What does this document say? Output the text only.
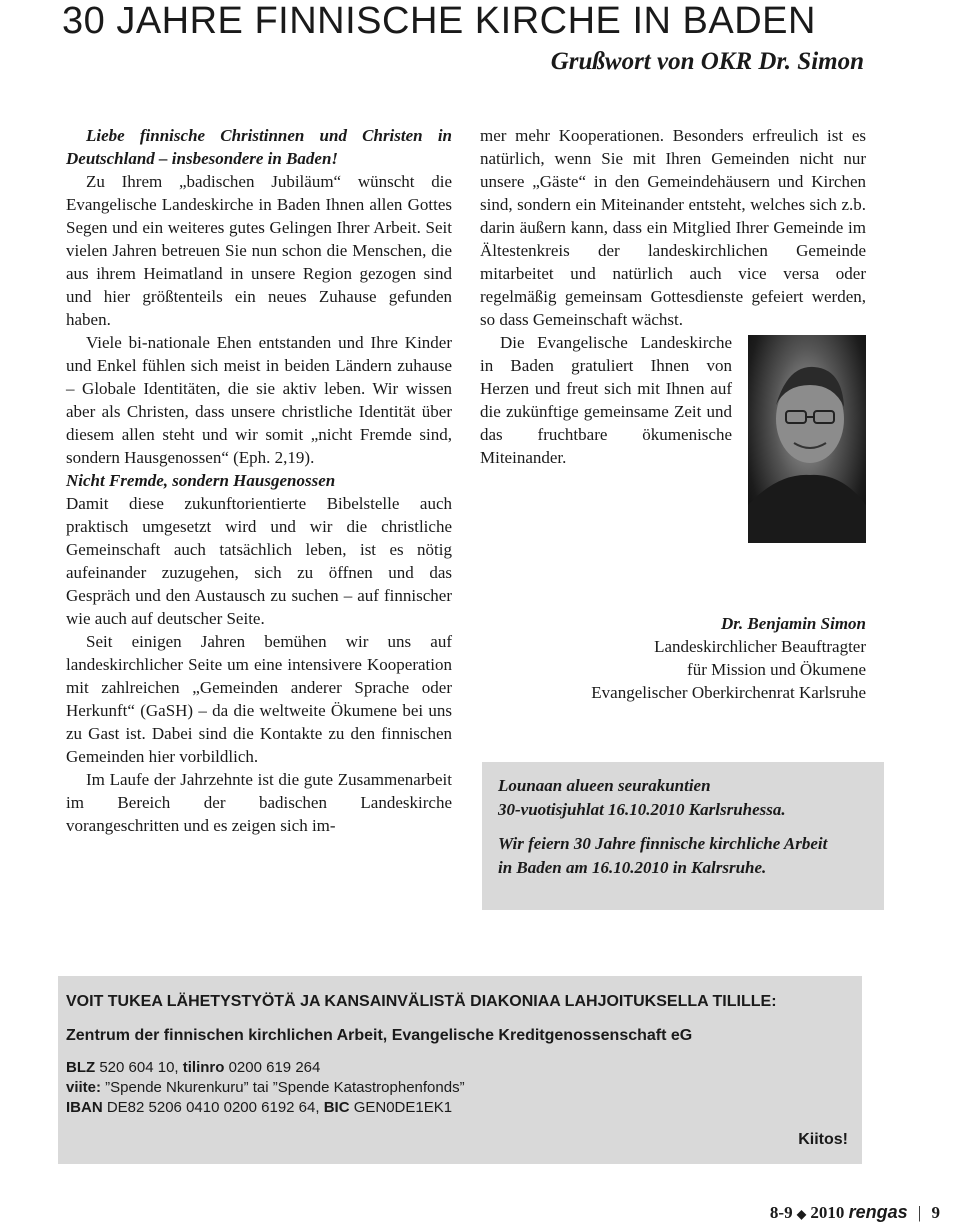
30 JAHRE FINNISCHE KIRCHE IN BADEN
Grußwort von OKR Dr. Simon

Liebe finnische Christinnen und Christen in Deutschland – insbesondere in Baden!

Zu Ihrem „badischen Jubiläum“ wünscht die Evangelische Landeskirche in Baden Ihnen allen Gottes Segen und ein weiteres gutes Gelingen Ihrer Arbeit. Seit vielen Jahren betreuen Sie nun schon die Menschen, die aus ihrem Heimatland in unsere Region gezogen sind und hier größtenteils ein neues Zuhause gefunden haben.

Viele bi-nationale Ehen entstanden und Ihre Kinder und Enkel fühlen sich meist in beiden Ländern zuhause – Globale Identitäten, die sie aktiv leben. Wir wissen aber als Christen, dass unsere christliche Identität über diesem allen steht und wir somit „nicht Fremde sind, sondern Hausgenossen“ (Eph. 2,19).

Nicht Fremde, sondern Hausgenossen

Damit diese zukunftorientierte Bibelstelle auch praktisch umgesetzt wird und wir die christliche Gemeinschaft auch tatsächlich leben, ist es nötig aufeinander zuzugehen, sich zu öffnen und das Gespräch und den Austausch zu suchen – auf finnischer wie auch auf deutscher Seite.

Seit einigen Jahren bemühen wir uns auf landeskirchlicher Seite um eine intensivere Kooperation mit zahlreichen „Gemeinden anderer Sprache oder Herkunft“ (GaSH) – da die weltweite Ökumene bei uns zu Gast ist. Dabei sind die Kontakte zu den finnischen Gemeinden hier vorbildlich.

Im Laufe der Jahrzehnte ist die gute Zusammenarbeit im Bereich der badischen Landeskirche vorangeschritten und es zeigen sich im-

mer mehr Kooperationen. Besonders erfreulich ist es natürlich, wenn Sie mit Ihren Gemeinden nicht nur unsere „Gäste“ in den Gemeindehäusern und Kirchen sind, sondern ein Miteinander entsteht, welches sich z.b. darin äußern kann, dass ein Mitglied Ihrer Gemeinde im Ältestenkreis der landeskirchlichen Gemeinde mitarbeitet und natürlich auch vice versa oder regelmäßig gemeinsam Gottesdienste gefeiert werden, so dass Gemeinschaft wächst.

Die Evangelische Landeskirche in Baden gratuliert Ihnen von Herzen und freut sich mit Ihnen auf die zukünftige gemeinsame Zeit und das fruchtbare ökumenische Miteinander.

Dr. Benjamin Simon
Landeskirchlicher Beauftragter
für Mission und Ökumene
Evangelischer Oberkirchenrat Karlsruhe

Lounaan alueen seurakuntien
30-vuotisjuhlat 16.10.2010 Karlsruhessa.

Wir feiern 30 Jahre finnische kirchliche Arbeit
in Baden am 16.10.2010 in Kalrsruhe.

VOIT TUKEA LÄHETYSTYÖTÄ JA KANSAINVÄLISTÄ DIAKONIAA LAHJOITUKSELLA TILILLE:

Zentrum der finnischen kirchlichen Arbeit, Evangelische Kreditgenossenschaft eG

BLZ 520 604 10, tilinro 0200 619 264

viite: ”Spende Nkurenkuru” tai ”Spende Katastrophenfonds”

IBAN DE82 5206 0410 0200 6192 64, BIC GEN0DE1EK1

Kiitos!
8-9 ◆ 2010 rengas | 9
